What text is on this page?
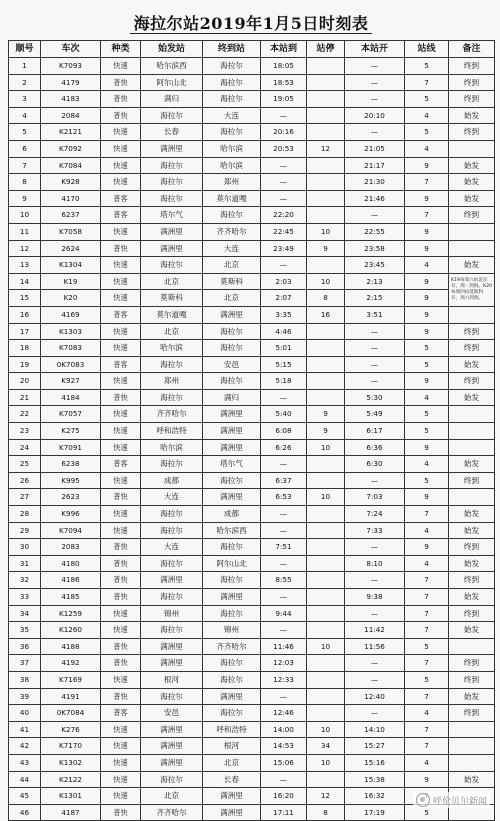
海拉尔站2019年1月5日时刻表
顺号	车次	种类	始发站	终到站	本站到	站停	本站开	站线	备注
1	K7093	快速	哈尔滨西	海拉尔	18:05		—	5	终到
2	4179	普快	阿尔山北	海拉尔	18:53		—	7	终到
3	4183	普快	满归	海拉尔	19:05		—	5	终到
4	2084	普快	海拉尔	大连	—		20:10	4	始发
5	K2121	快速	长春	海拉尔	20:16		—	5	终到
6	K7092	快速	满洲里	哈尔滨	20:53	12	21:05	4	
7	K7084	快速	海拉尔	哈尔滨	—		21:17	9	始发
8	K928	快速	海拉尔	郑州	—		21:30	7	始发
9	4170	普客	海拉尔	莫尔道嘎	—		21:46	9	始发
10	6237	普客	塔尔气	海拉尔	22:20		—	7	终到
11	K7058	快速	满洲里	齐齐哈尔	22:45	10	22:55	9	
12	2624	普快	满洲里	大连	23:49	9	23:58	9	
13	K1304	快速	海拉尔	北京	—		23:45	4	始发
14	K19	快速	北京	莫斯科	2:03	10	2:13	9	K19每周六由北京开，周一到海。K20每周四由莫斯科开，周六到海。
15	K20	快速	莫斯科	北京	2:07	8	2:15	9	
16	4169	普客	莫尔道嘎	满洲里	3:35	16	3:51	9	
17	K1303	快速	北京	海拉尔	4:46		—	9	终到
18	K7083	快速	哈尔滨	海拉尔	5:01		—	5	终到
19	0K7083	普客	海拉尔	安邑	5:15		—	5	始发
20	K927	快速	郑州	海拉尔	5:18		—	9	终到
21	4184	普快	海拉尔	满归	—		5:30	4	始发
22	K7057	快速	齐齐哈尔	满洲里	5:40	9	5:49	5	
23	K275	快速	呼和浩特	满洲里	6:08	9	6:17	5	
24	K7091	快速	哈尔滨	满洲里	6:26	10	6:36	9	
25	6238	普客	海拉尔	塔尔气	—		6:30	4	始发
26	K995	快速	成都	海拉尔	6:37		—	5	终到
27	2623	普快	大连	满洲里	6:53	10	7:03	9	
28	K996	快速	海拉尔	成都	—		7:24	7	始发
29	K7094	快速	海拉尔	哈尔滨西	—		7:33	4	始发
30	2083	普快	大连	海拉尔	7:51		—	9	终到
31	4180	普快	海拉尔	阿尔山北	—		8:10	4	始发
32	4186	普快	满洲里	海拉尔	8:55		—	7	终到
33	4185	普快	海拉尔	满洲里	—		9:38	7	始发
34	K1259	快速	锦州	海拉尔	9:44		—	7	终到
35	K1260	快速	海拉尔	锦州	—		11:42	7	始发
36	4188	普快	满洲里	齐齐哈尔	11:46	10	11:56	5	
37	4192	普快	满洲里	海拉尔	12:03		—	7	终到
38	K7169	快速	根河	海拉尔	12:33		—	5	终到
39	4191	普快	海拉尔	满洲里	—		12:40	7	始发
40	0K7084	普客	安邑	海拉尔	12:46		—	4	终到
41	K276	快速	满洲里	呼和浩特	14:00	10	14:10	7	
42	K7170	快速	满洲里	根河	14:53	34	15:27	7	
43	K1302	快速	满洲里	北京	15:06	10	15:16	4	
44	K2122	快速	海拉尔	长春	—		15:38	9	始发
45	K1301	快速	北京	满洲里	16:20	12	16:32		
46	4187	普快	齐齐哈尔	满洲里	17:11	8	17:19	5	
呼伦贝尔新闻
